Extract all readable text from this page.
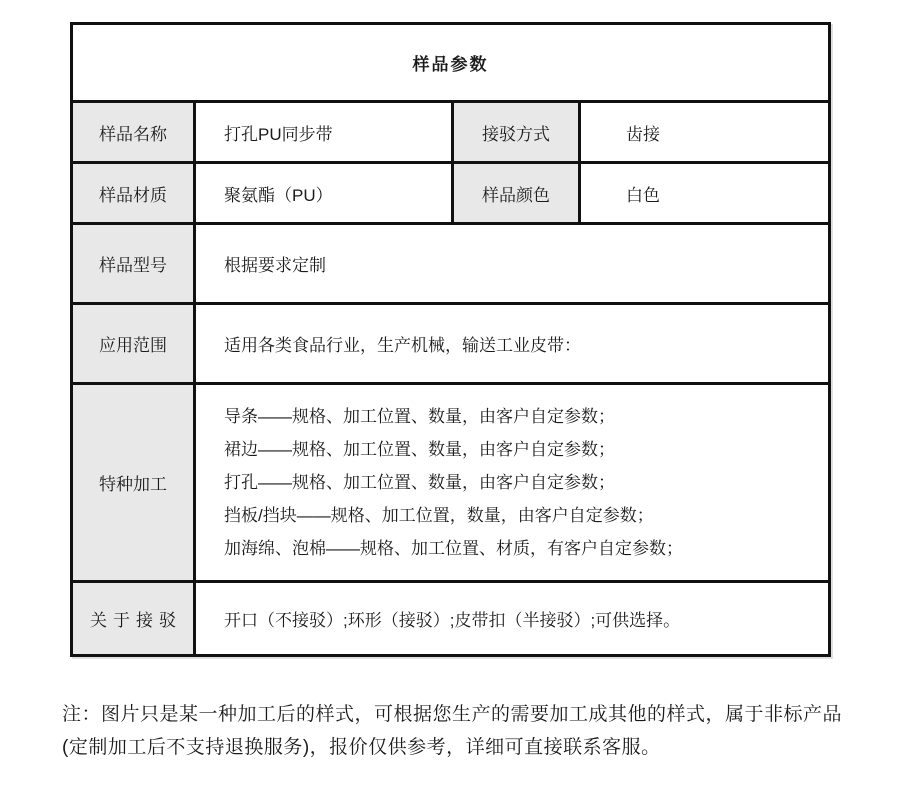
样品参数			
样品名称	打孔PU同步带	接驳方式	齿接
样品材质	聚氨酯（PU）	样品颜色	白色
样品型号	根据要求定制		
应用范围	适用各类食品行业，生产机械，输送工业皮带：		
特种加工	导条——规格、加工位置、数量，由客户自定参数；
裙边——规格、加工位置、数量，由客户自定参数；
打孔——规格、加工位置、数量，由客户自定参数；
挡板/挡块——规格、加工位置，数量，由客户自定参数；
加海绵、泡棉——规格、加工位置、材质，有客户自定参数；		

关于接驳	开口（不接驳）;环形（接驳）;皮带扣（半接驳）;可供选择。		
注：图片只是某一种加工后的样式，可根据您生产的需要加工成其他的样式，属于非标产品(定制加工后不支持退换服务)，报价仅供参考，详细可直接联系客服。
